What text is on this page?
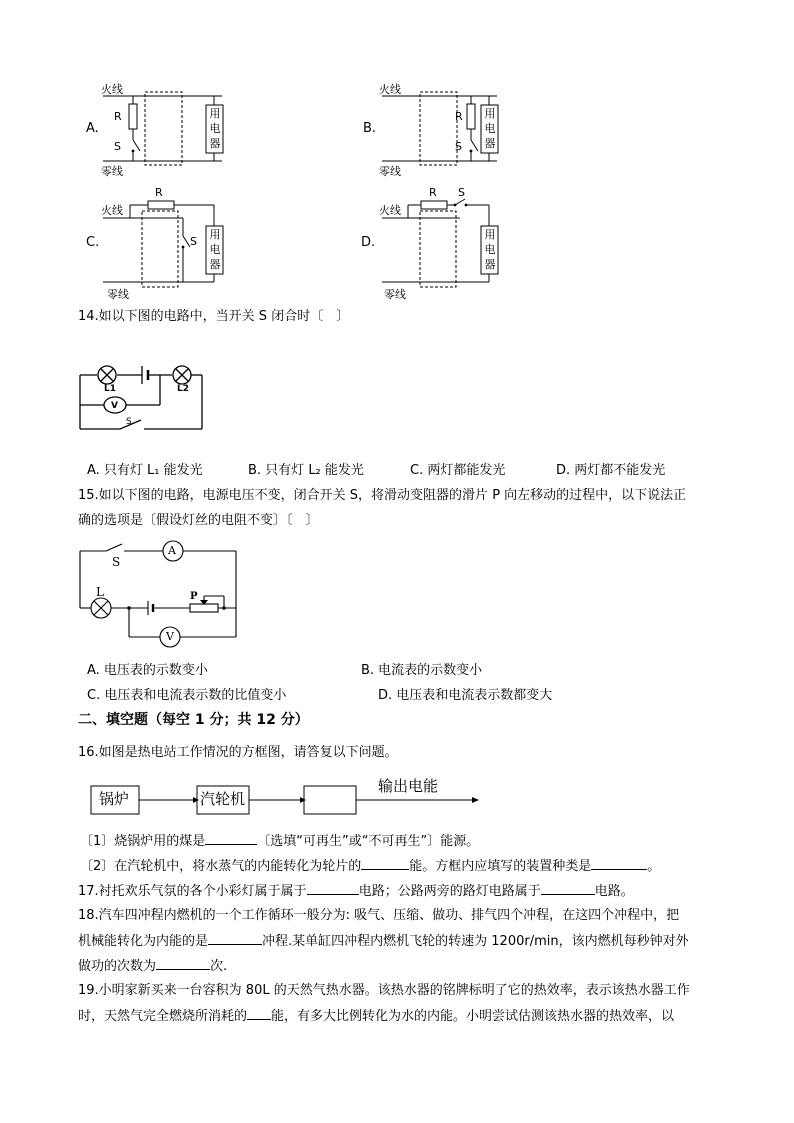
A.
火线
零线
R
S
用电器
B.
火线
零线
R
S
用电器
C.
火线
零线
R
S
用电器
D.
火线
零线
R S
用电器
14.如以下图的电路中，当开关 S 闭合时〔　〕
L1	L2
V
S
A. 只有灯 L₁ 能发光	B. 只有灯 L₂ 能发光	C. 两灯都能发光	D. 两灯都不能发光
15.如以下图的电路，电源电压不变，闭合开关 S，将滑动变阻器的滑片 P 向左移动的过程中，以下说法正
确的选项是〔假设灯丝的电阻不变〕〔　〕
S
A
L	P
V
A. 电压表的示数变小	B. 电流表的示数变小
C. 电压表和电流表示数的比值变小	D. 电压表和电流表示数都变大
二、填空题（每空 1 分；共 12 分）
16.如图是热电站工作情况的方框图，请答复以下问题。
锅炉	汽轮机
输出电能
〔1〕烧锅炉用的煤是	〔选填“可再生”或“不可再生”〕能源。
〔2〕在汽轮机中，将水蒸气的内能转化为轮片的	能。方框内应填写的装置种类是	。
17.衬托欢乐气氛的各个小彩灯属于属于	电路；公路两旁的路灯电路属于	电路。
18.汽车四冲程内燃机的一个工作循环一般分为: 吸气、压缩、做功、排气四个冲程，在这四个冲程中，把
机械能转化为内能的是	冲程.某单缸四冲程内燃机飞轮的转速为 1200r/min，该内燃机每秒钟对外
做功的次数为	次.
19.小明家新买来一台容积为 80L 的天然气热水器。该热水器的铭牌标明了它的热效率，表示该热水器工作
时，天然气完全燃烧所消耗的 能，有多大比例转化为水的内能。小明尝试估测该热水器的热效率，以
